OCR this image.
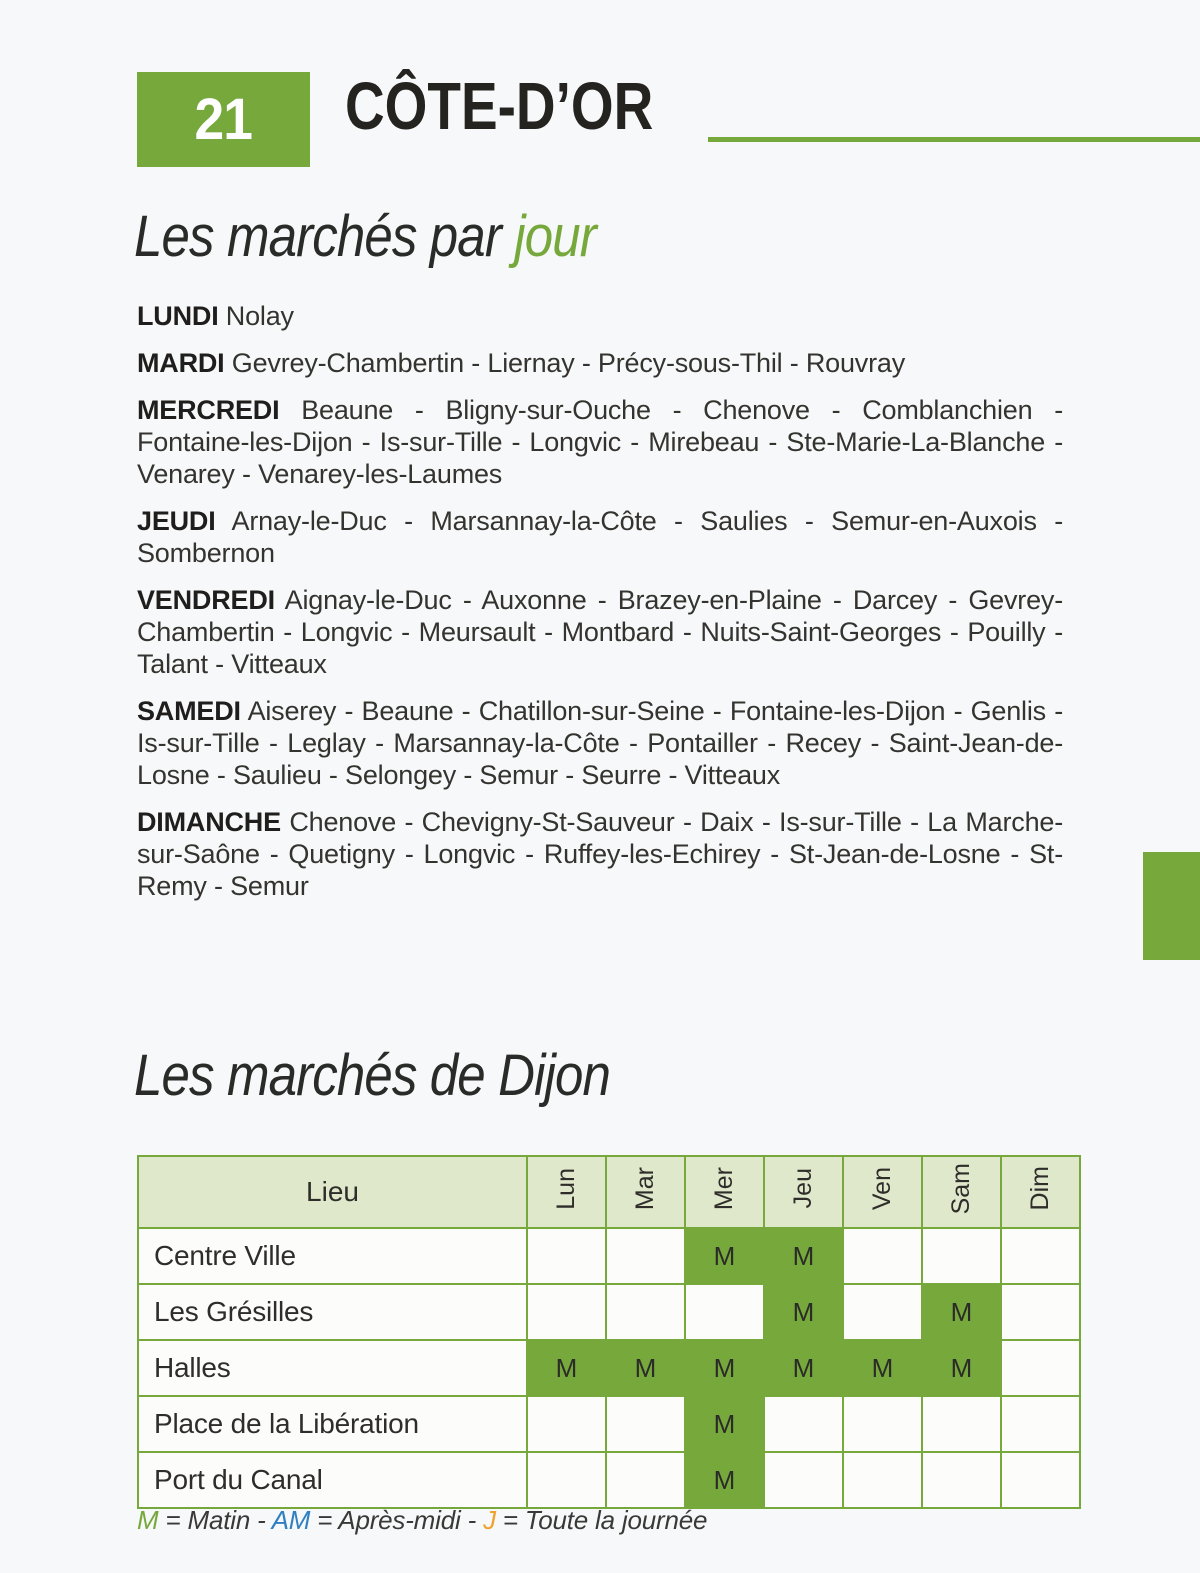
21 CÔTE-D’OR
Les marchés par jour

LUNDI Nolay

MARDI Gevrey-Chambertin - Liernay - Précy-sous-Thil - Rouvray

MERCREDI Beaune - Bligny-sur-Ouche - Chenove - Comblanchien - Fontaine-les-Dijon - Is-sur-Tille - Longvic - Mirebeau - Ste-Marie-La-Blanche - Venarey - Venarey-les-Laumes

JEUDI Arnay-le-Duc - Marsannay-la-Côte - Saulies - Semur-en-Auxois - Sombernon

VENDREDI Aignay-le-Duc - Auxonne - Brazey-en-Plaine - Darcey - Gevrey-Chambertin - Longvic - Meursault - Montbard - Nuits-Saint-Georges - Pouilly - Talant - Vitteaux

SAMEDI Aiserey - Beaune - Chatillon-sur-Seine - Fontaine-les-Dijon - Genlis - Is-sur-Tille - Leglay - Marsannay-la-Côte - Pontailler - Recey - Saint-Jean-de-Losne - Saulieu - Selongey - Semur - Seurre - Vitteaux

DIMANCHE Chenove - Chevigny-St-Sauveur - Daix - Is-sur-Tille - La Marche-sur-Saône - Quetigny - Longvic - Ruffey-les-Echirey - St-Jean-de-Losne - St-Remy - Semur

Les marchés de Dijon
Lieu	Lun	Mar	Mer	Jeu	Ven	Sam	Dim
Centre Ville			M	M			
Les Grésilles				M		M	
Halles	M	M	M	M	M	M	
Place de la Libération			M				
Port du Canal			M				
M = Matin - AM = Après-midi - J = Toute la journée
